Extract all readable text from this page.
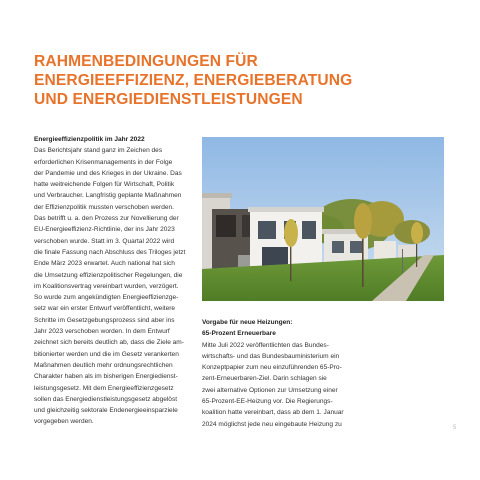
RAHMENBEDINGUNGEN FÜR
ENERGIEEFFIZIENZ, ENERGIEBERATUNG
UND ENERGIEDIENSTLEISTUNGEN
Energieeffizienzpolitik im Jahr 2022
Das Berichtsjahr stand ganz im Zeichen des
erforderlichen Krisenmanagements in der Folge
der Pandemie und des Krieges in der Ukraine. Das
hatte weitreichende Folgen für Wirtschaft, Politik
und Verbraucher. Langfristig geplante Maßnahmen
der Effizienzpolitik mussten verschoben werden.
Das betrifft u. a. den Prozess zur Novellierung der
EU-Energieeffizienz-Richtlinie, der ins Jahr 2023
verschoben wurde. Statt im 3. Quartal 2022 wird
die finale Fassung nach Abschluss des Triloges jetzt
Ende März 2023 erwartet. Auch national hat sich
die Umsetzung effizienzpolitischer Regelungen, die
im Koalitionsvertrag vereinbart wurden, verzögert.
So wurde zum angekündigten Energieeffizienzge-
setz war ein erster Entwurf veröffentlicht, weitere
Schritte im Gesetzgebungsprozess sind aber ins
Jahr 2023 verschoben worden. In dem Entwurf
zeichnet sich bereits deutlich ab, dass die Ziele am-
bitionierter werden und die im Gesetz verankerten
Maßnahmen deutlich mehr ordnungsrechtlichen
Charakter haben als im bisherigen Energiedienst-
leistungsgesetz. Mit dem Energieeffizienzgesetz
sollen das Energiedienstleistungsgesetz abgelöst
und gleichzeitig sektorale Endenergieeinsparziele
vorgegeben werden.
Vorgabe für neue Heizungen:
65-Prozent Erneuerbare
Mitte Juli 2022 veröffentlichten das Bundes-
wirtschafts- und das Bundesbauministerium ein
Konzeptpapier zum neu einzuführenden 65-Pro-
zent-Erneuerbaren-Ziel. Darin schlagen sie
zwei alternative Optionen zur Umsetzung einer
65-Prozent-EE-Heizung vor. Die Regierungs-
koalition hatte vereinbart, dass ab dem 1. Januar
2024 möglichst jede neu eingebaute Heizung zu
5
